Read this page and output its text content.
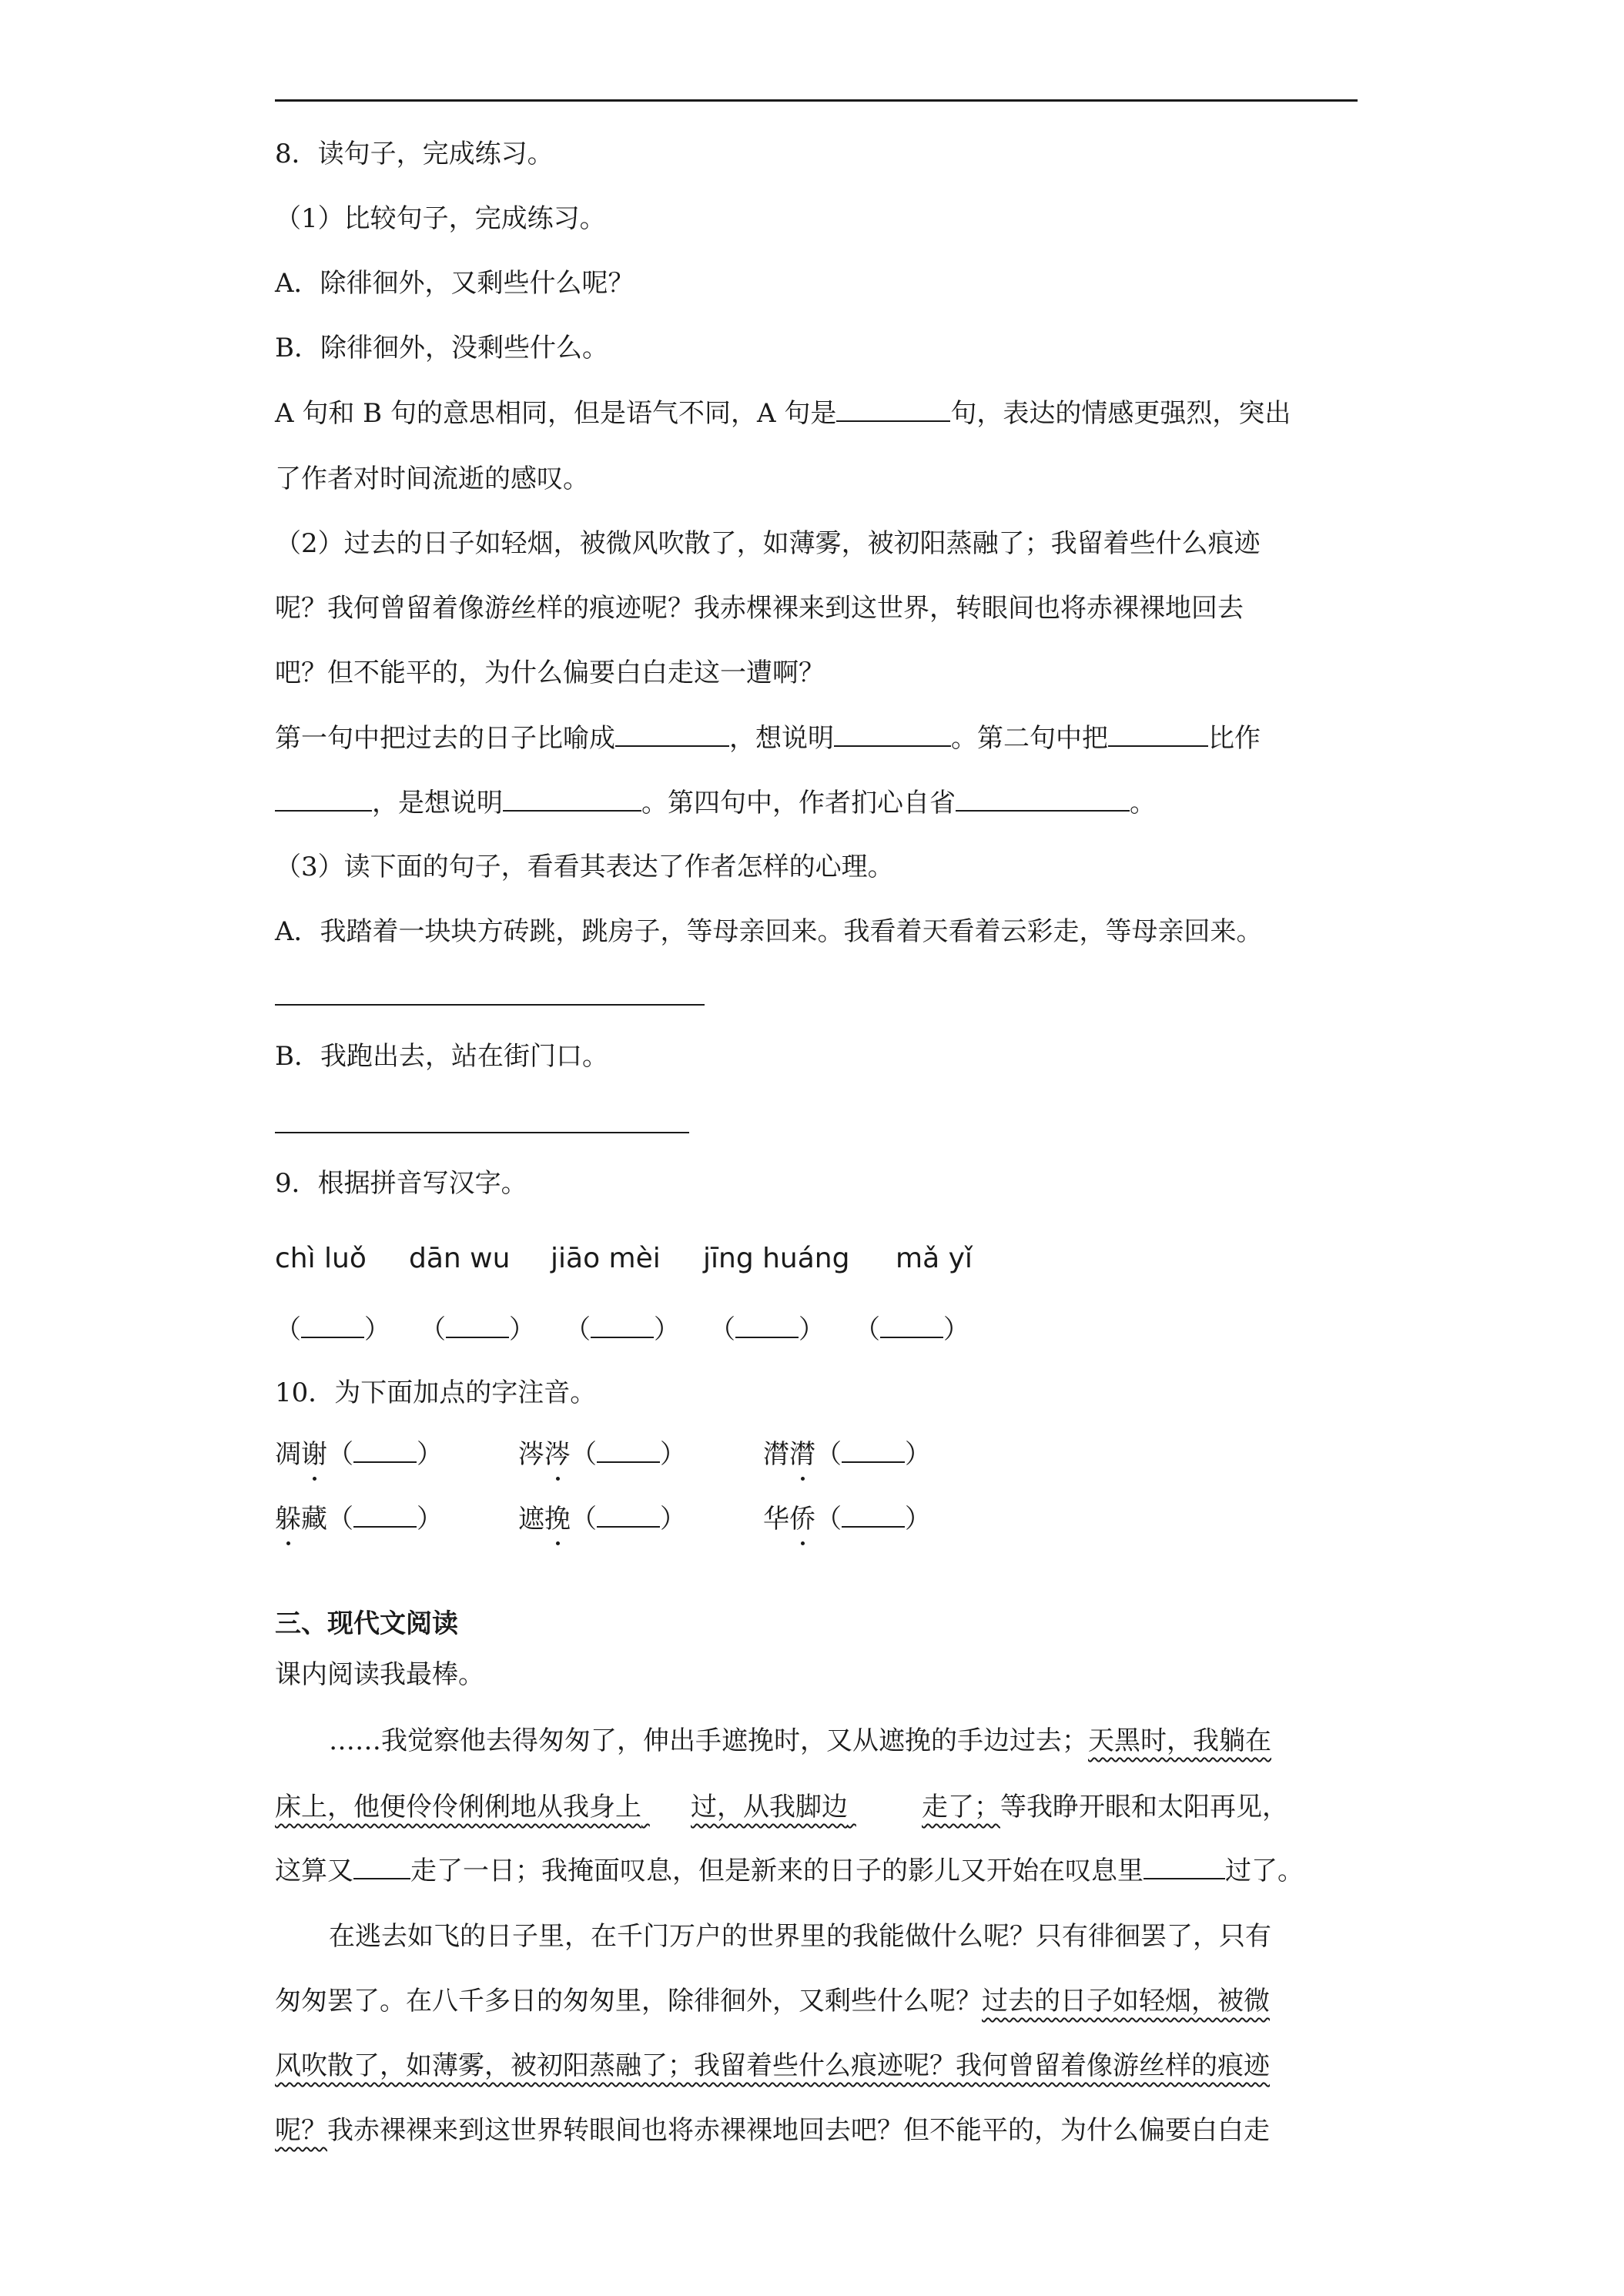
8．读句子，完成练习。
（1）比较句子，完成练习。
A．除徘徊外，又剩些什么呢？
B．除徘徊外，没剩些什么。
A 句和 B 句的意思相同，但是语气不同，A 句是	句，表达的情感更强烈，突出
了作者对时间流逝的感叹。
（2）过去的日子如轻烟，被微风吹散了，如薄雾，被初阳蒸融了；我留着些什么痕迹
呢？我何曾留着像游丝样的痕迹呢？我赤棵裸来到这世界，转眼间也将赤裸裸地回去
吧？但不能平的，为什么偏要白白走这一遭啊？
第一句中把过去的日子比喻成	，想说明	。第二句中把	比作
，是想说明	。第四句中，作者扪心自省	。
（3）读下面的句子，看看其表达了作者怎样的心理。
A．我踏着一块块方砖跳，跳房子，等母亲回来。我看着天看着云彩走，等母亲回来。
B．我跑出去，站在街门口。
9．根据拼音写汉字。
chì luǒ dān wu jiāo mèi jīng huáng mǎ yǐ
（ ） （ ） （ ） （ ） （ ）
10．为下面加点的字注音。
凋谢（ ）	涔涔（ ）	潸潸（ ）
躲藏（ ）	遮挽（ ）	华侨（ ）
三、现代文阅读
课内阅读我最棒。
……我觉察他去得匆匆了，伸出手遮挽时，又从遮挽的手边过去；天黑时，我躺在
床上，他便伶伶俐俐地从我身上 过，从我脚边	走了；等我睁开眼和太阳再见，
这算又 走了一日；我掩面叹息，但是新来的日子的影儿又开始在叹息里	过了。
在逃去如飞的日子里，在千门万户的世界里的我能做什么呢？只有徘徊罢了，只有
匆匆罢了。在八千多日的匆匆里，除徘徊外，又剩些什么呢？过去的日子如轻烟，被微
风吹散了，如薄雾，被初阳蒸融了；我留着些什么痕迹呢？我何曾留着像游丝样的痕迹
呢？我赤裸裸来到这世界转眼间也将赤裸裸地回去吧？但不能平的，为什么偏要白白走
